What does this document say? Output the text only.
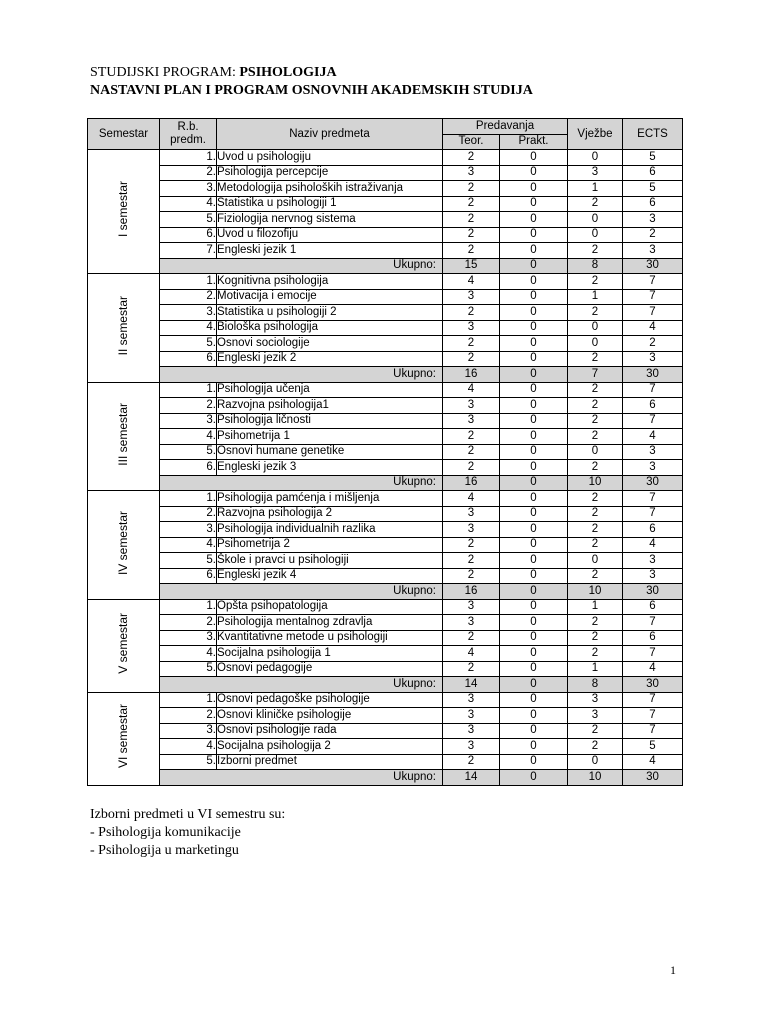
STUDIJSKI PROGRAM: PSIHOLOGIJA
NASTAVNI PLAN I PROGRAM OSNOVNIH AKADEMSKIH STUDIJA
Semestar	R.b. predm.	Naziv predmeta	Predavanja		Vježbe	ECTS
			Teor.	Prakt.		
I semestar	1.	Uvod u psihologiju	2	0	0	5
	2.	Psihologija percepcije	3	0	3	6
	3.	Metodologija psiholoških istraživanja	2	0	1	5
	4.	Statistika u psihologiji 1	2	0	2	6
	5.	Fiziologija nervnog sistema	2	0	0	3
	6.	Uvod u filozofiju	2	0	0	2
	7.	Engleski jezik 1	2	0	2	3
	Ukupno:		15	0	8	30
II semestar	1.	Kognitivna psihologija	4	0	2	7
	2.	Motivacija i emocije	3	0	1	7
	3.	Statistika u psihologiji 2	2	0	2	7
	4.	Biološka psihologija	3	0	0	4
	5.	Osnovi sociologije	2	0	0	2
	6.	Engleski jezik 2	2	0	2	3
	Ukupno:		16	0	7	30
III semestar	1.	Psihologija učenja	4	0	2	7
	2.	Razvojna psihologija1	3	0	2	6
	3.	Psihologija ličnosti	3	0	2	7
	4.	Psihometrija 1	2	0	2	4
	5.	Osnovi humane genetike	2	0	0	3
	6.	Engleski jezik 3	2	0	2	3
	Ukupno:		16	0	10	30
IV semestar	1.	Psihologija pamćenja i mišljenja	4	0	2	7
	2.	Razvojna psihologija 2	3	0	2	7
	3.	Psihologija individualnih razlika	3	0	2	6
	4.	Psihometrija 2	2	0	2	4
	5.	Škole i pravci u psihologiji	2	0	0	3
	6.	Engleski jezik 4	2	0	2	3
	Ukupno:		16	0	10	30
V semestar	1.	Opšta psihopatologija	3	0	1	6
	2.	Psihologija mentalnog zdravlja	3	0	2	7
	3.	Kvantitativne metode u psihologiji	2	0	2	6
	4.	Socijalna psihologija 1	4	0	2	7
	5.	Osnovi pedagogije	2	0	1	4
	Ukupno:		14	0	8	30
VI semestar	1.	Osnovi pedagoške psihologije	3	0	3	7
	2.	Osnovi kliničke psihologije	3	0	3	7
	3.	Osnovi psihologije rada	3	0	2	7
	4.	Socijalna psihologija 2	3	0	2	5
	5.	Izborni predmet	2	0	0	4
	Ukupno:		14	0	10	30
Izborni predmeti u VI semestru su:
- Psihologija komunikacije
- Psihologija u marketingu
1
